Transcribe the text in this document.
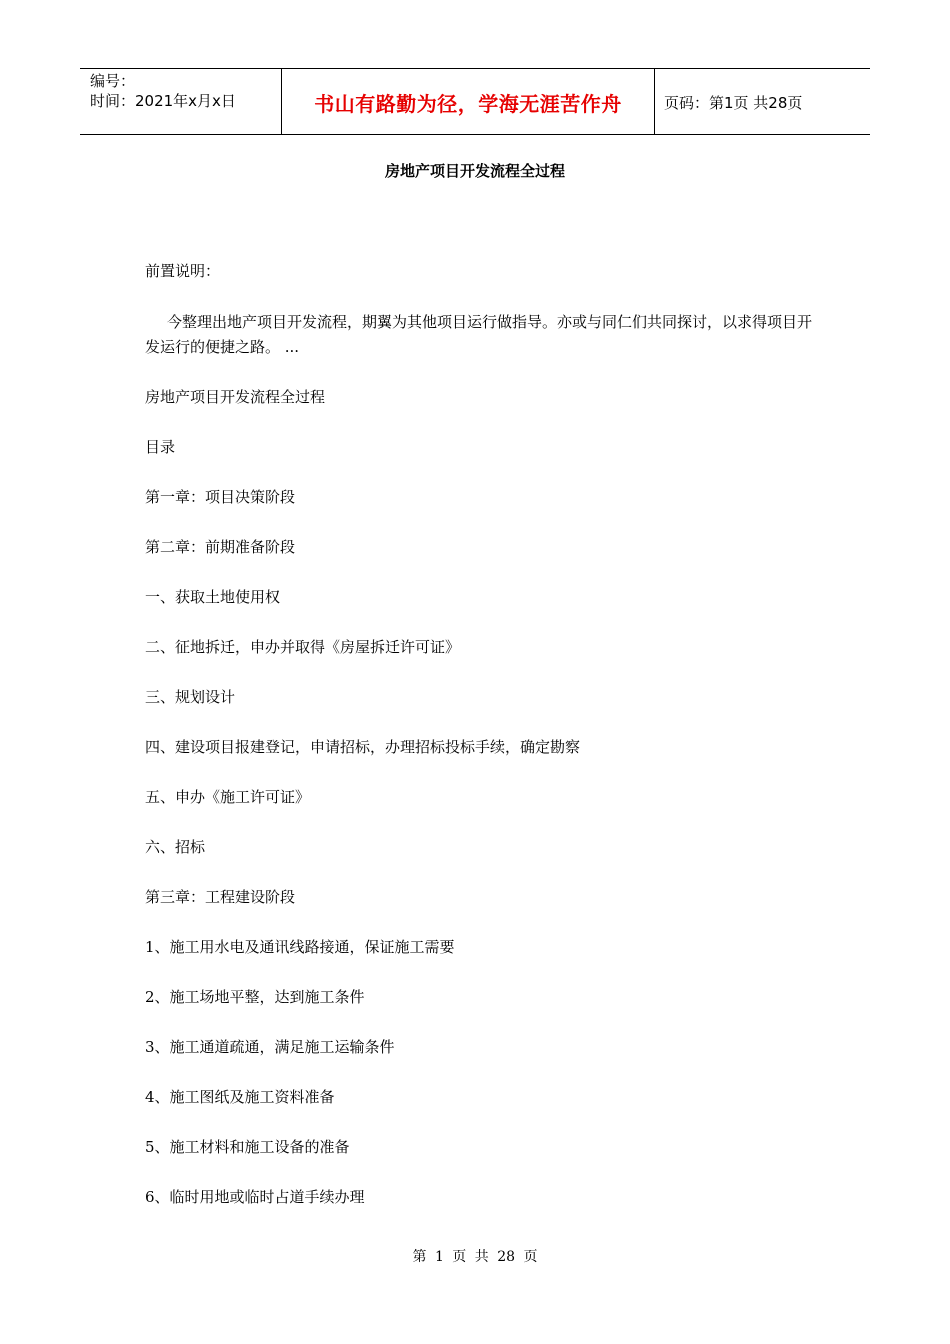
编号：
时间：2021年x月x日	书山有路勤为径，学海无涯苦作舟	页码：第1页 共28页
房地产项目开发流程全过程

前置说明：

今整理出地产项目开发流程，期翼为其他项目运行做指导。亦或与同仁们共同探讨，以求得项目开发运行的便捷之路。 ...

房地产项目开发流程全过程

目录

第一章：项目决策阶段

第二章：前期准备阶段

一、获取土地使用权

二、征地拆迁，申办并取得《房屋拆迁许可证》

三、规划设计

四、建设项目报建登记，申请招标，办理招标投标手续，确定勘察

五、申办《施工许可证》

六、招标

第三章：工程建设阶段

1、施工用水电及通讯线路接通，保证施工需要

2、施工场地平整，达到施工条件

3、施工通道疏通，满足施工运输条件

4、施工图纸及施工资料准备

5、施工材料和施工设备的准备

6、临时用地或临时占道手续办理

第 1 页 共 28 页
